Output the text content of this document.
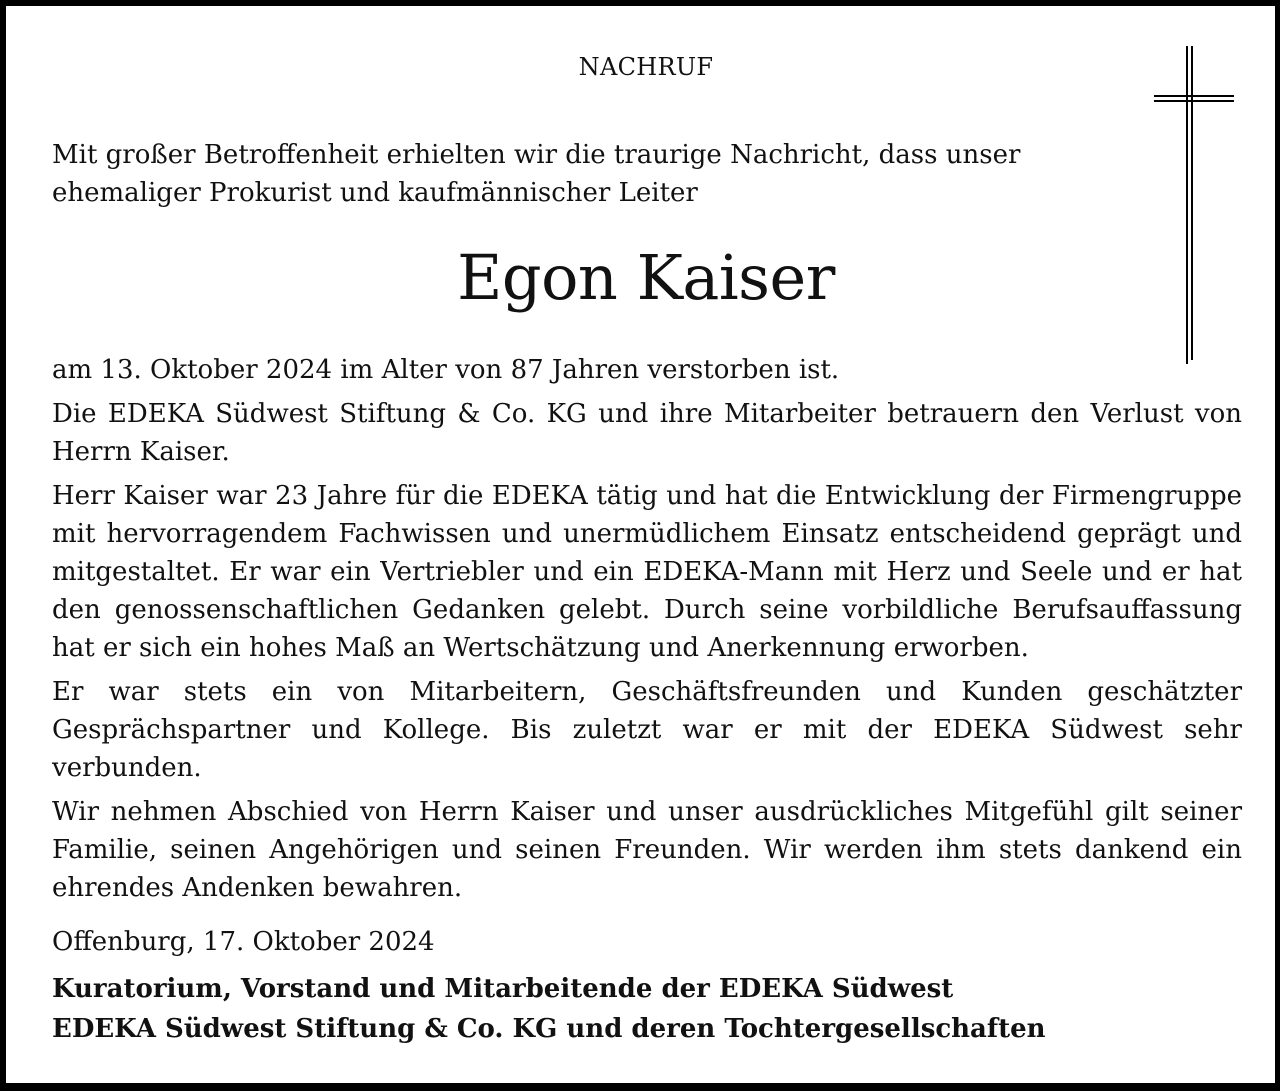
NACHRUF
Mit großer Betroffenheit erhielten wir die traurige Nachricht, dass unser
ehemaliger Prokurist und kaufmännischer Leiter
Egon Kaiser

am 13. Oktober 2024 im Alter von 87 Jahren verstorben ist.

Die EDEKA Südwest Stiftung & Co. KG und ihre Mitarbeiter betrauern den Verlust von Herrn Kaiser.

Herr Kaiser war 23 Jahre für die EDEKA tätig und hat die Entwicklung der Firmengruppe mit hervorragendem Fachwissen und unermüdlichem Einsatz entscheidend geprägt und mitgestaltet. Er war ein Vertriebler und ein EDEKA-Mann mit Herz und Seele und er hat den genossenschaftlichen Gedanken gelebt. Durch seine vorbildliche Berufsauffassung hat er sich ein hohes Maß an Wertschätzung und Anerkennung erworben.

Er war stets ein von Mitarbeitern, Geschäftsfreunden und Kunden geschätzter Gesprächspartner und Kollege. Bis zuletzt war er mit der EDEKA Südwest sehr verbunden.

Wir nehmen Abschied von Herrn Kaiser und unser ausdrückliches Mitgefühl gilt seiner Familie, seinen Angehörigen und seinen Freunden. Wir werden ihm stets dankend ein ehrendes Andenken bewahren.

Offenburg, 17. Oktober 2024
Kuratorium, Vorstand und Mitarbeitende der EDEKA Südwest
EDEKA Südwest Stiftung & Co. KG und deren Tochtergesellschaften
